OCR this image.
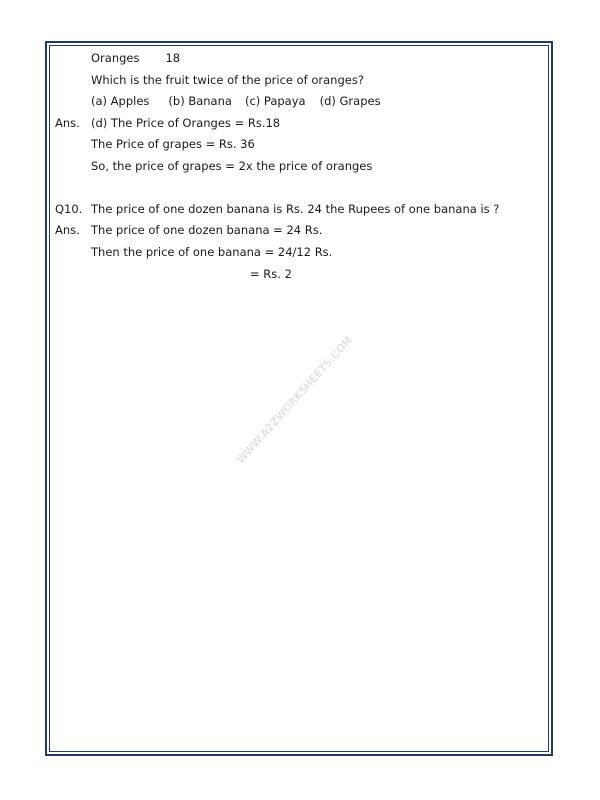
WWW.A2ZWORKSHEETS.COM
Oranges 18
Which is the fruit twice of the price of oranges?
(a) Apples (b) Banana (c) Papaya (d) Grapes
Ans. (d) The Price of Oranges = Rs.18
The Price of grapes = Rs. 36
So, the price of grapes = 2x the price of oranges
Q10. The price of one dozen banana is Rs. 24 the Rupees of one banana is ?
Ans. The price of one dozen banana = 24 Rs.
Then the price of one banana = 24/12 Rs.
= Rs. 2
